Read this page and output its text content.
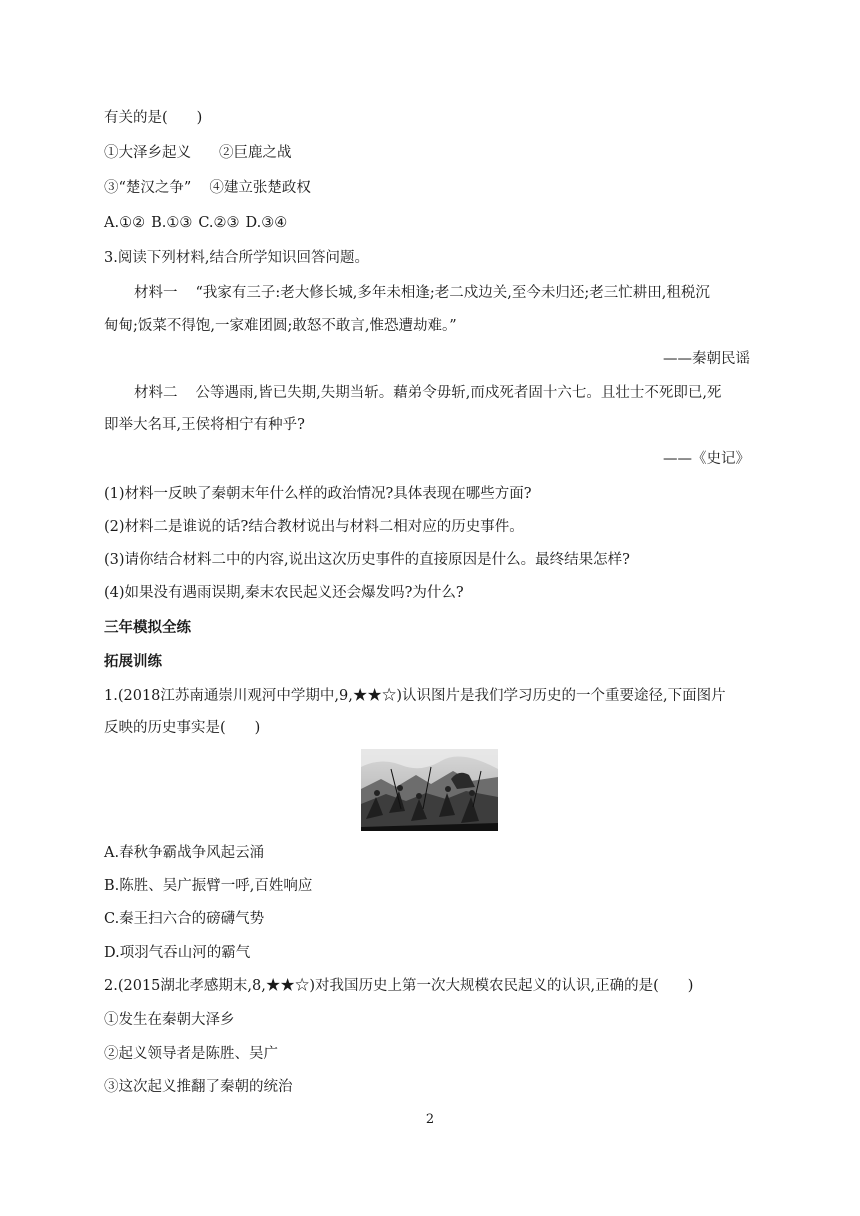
有关的是(　　)
①大泽乡起义 ②巨鹿之战
③“楚汉之争” ④建立张楚政权
A.①② B.①③ C.②③ D.③④
3.阅读下列材料,结合所学知识回答问题。
材料一 “我家有三子:老大修长城,多年未相逢;老二戍边关,至今未归还;老三忙耕田,租税沉
甸甸;饭菜不得饱,一家难团圆;敢怒不敢言,惟恐遭劫难。”
——秦朝民谣
材料二 公等遇雨,皆已失期,失期当斩。藉弟令毋斩,而戍死者固十六七。且壮士不死即已,死
即举大名耳,王侯将相宁有种乎?
——《史记》
(1)材料一反映了秦朝末年什么样的政治情况?具体表现在哪些方面?
(2)材料二是谁说的话?结合教材说出与材料二相对应的历史事件。
(3)请你结合材料二中的内容,说出这次历史事件的直接原因是什么。最终结果怎样?
(4)如果没有遇雨误期,秦末农民起义还会爆发吗?为什么?
三年模拟全练
拓展训练
1.(2018江苏南通崇川观河中学期中,9,★★☆)认识图片是我们学习历史的一个重要途径,下面图片
反映的历史事实是(　　)
A.春秋争霸战争风起云涌
B.陈胜、吴广振臂一呼,百姓响应
C.秦王扫六合的磅礴气势
D.项羽气吞山河的霸气
2.(2015湖北孝感期末,8,★★☆)对我国历史上第一次大规模农民起义的认识,正确的是(　　)
①发生在秦朝大泽乡
②起义领导者是陈胜、吴广
③这次起义推翻了秦朝的统治
2
